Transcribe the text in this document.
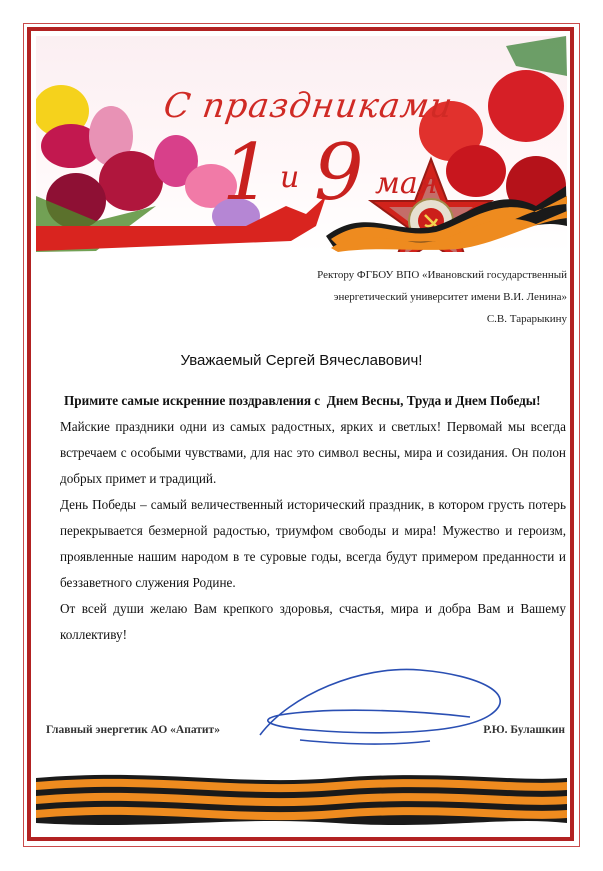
С праздниками
1 и 9 мая
Ректору ФГБОУ ВПО «Ивановский государственный
энергетический университет имени В.И. Ленина»
С.В. Тарарыкину
Уважаемый Сергей Вячеславович!

Примите самые искренние поздравления с Днем Весны, Труда и Днем Победы!

Майские праздники одни из самых радостных, ярких и светлых! Первомай мы всегда встречаем с особыми чувствами, для нас это символ весны, мира и созидания. Он полон добрых примет и традиций.

День Победы – самый величественный исторический праздник, в котором грусть потерь перекрывается безмерной радостью, триумфом свободы и мира! Мужество и героизм, проявленные нашим народом в те суровые годы, всегда будут примером преданности и беззаветного служения Родине.

От всей души желаю Вам крепкого здоровья, счастья, мира и добра Вам и Вашему коллективу!

Главный энергетик АО «Апатит»	Р.Ю. Булашкин
